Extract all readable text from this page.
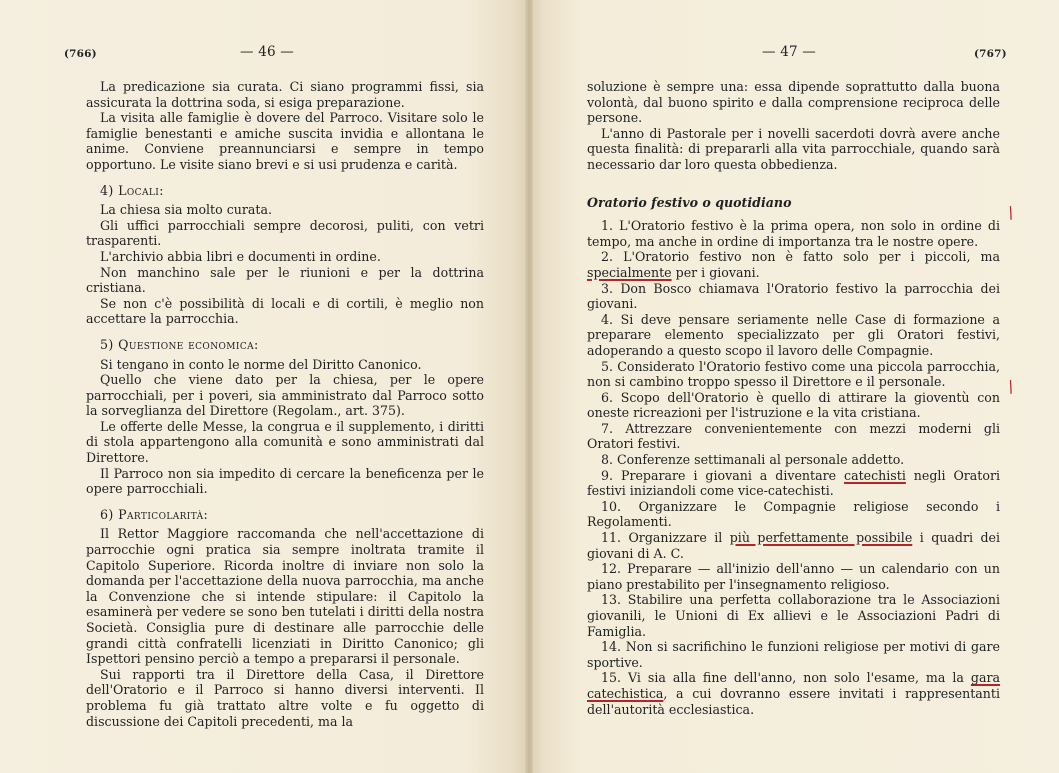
(766)	— 46 —

La predicazione sia curata. Ci siano programmi fissi, sia assicurata la dottrina soda, si esiga preparazione.

La visita alle famiglie è dovere del Parroco. Visitare solo le famiglie benestanti e amiche suscita invidia e allontana le anime. Conviene preannunciarsi e sempre in tempo opportuno. Le visite siano brevi e si usi prudenza e carità.

4) Locali:

La chiesa sia molto curata.

Gli uffici parrocchiali sempre decorosi, puliti, con vetri trasparenti.

L'archivio abbia libri e documenti in ordine.

Non manchino sale per le riunioni e per la dottrina cristiana.

Se non c'è possibilità di locali e di cortili, è meglio non accettare la parrocchia.

5) Questione economica:

Si tengano in conto le norme del Diritto Canonico.

Quello che viene dato per la chiesa, per le opere parrocchiali, per i poveri, sia amministrato dal Parroco sotto la sorveglianza del Direttore (Regolam., art. 375).

Le offerte delle Messe, la congrua e il supplemento, i diritti di stola appartengono alla comunità e sono amministrati dal Direttore.

Il Parroco non sia impedito di cercare la beneficenza per le opere parrocchiali.

6) Particolarità:

Il Rettor Maggiore raccomanda che nell'accettazione di parrocchie ogni pratica sia sempre inoltrata tramite il Capitolo Superiore. Ricorda inoltre di inviare non solo la domanda per l'accettazione della nuova parrocchia, ma anche la Convenzione che si intende stipulare: il Capitolo la esaminerà per vedere se sono ben tutelati i diritti della nostra Società. Consiglia pure di destinare alle parrocchie delle grandi città confratelli licenziati in Diritto Canonico; gli Ispettori pensino perciò a tempo a prepararsi il personale.

Sui rapporti tra il Direttore della Casa, il Direttore dell'Oratorio e il Parroco si hanno diversi interventi. Il problema fu già trattato altre volte e fu oggetto di discussione dei Capitoli precedenti, ma la

— 47 —	(767)

soluzione è sempre una: essa dipende soprattutto dalla buona volontà, dal buono spirito e dalla comprensione reciproca delle persone.

L'anno di Pastorale per i novelli sacerdoti dovrà avere anche questa finalità: di prepararli alla vita parrocchiale, quando sarà necessario dar loro questa obbedienza.

Oratorio festivo o quotidiano

1. L'Oratorio festivo è la prima opera, non solo in ordine di tempo, ma anche in ordine di importanza tra le nostre opere.

2. L'Oratorio festivo non è fatto solo per i piccoli, ma specialmente per i giovani.

3. Don Bosco chiamava l'Oratorio festivo la parrocchia dei giovani.

4. Si deve pensare seriamente nelle Case di formazione a preparare elemento specializzato per gli Oratori festivi, adoperando a questo scopo il lavoro delle Compagnie.

5. Considerato l'Oratorio festivo come una piccola parrocchia, non si cambino troppo spesso il Direttore e il personale.

6. Scopo dell'Oratorio è quello di attirare la gioventù con oneste ricreazioni per l'istruzione e la vita cristiana.

7. Attrezzare convenientemente con mezzi moderni gli Oratori festivi.

8. Conferenze settimanali al personale addetto.

9. Preparare i giovani a diventare catechisti negli Oratori festivi iniziandoli come vice-catechisti.

10. Organizzare le Compagnie religiose secondo i Regolamenti.

11. Organizzare il più perfettamente possibile i quadri dei giovani di A. C.

12. Preparare — all'inizio dell'anno — un calendario con un piano prestabilito per l'insegnamento religioso.

13. Stabilire una perfetta collaborazione tra le Associazioni giovanili, le Unioni di Ex allievi e le Associazioni Padri di Famiglia.

14. Non si sacrifichino le funzioni religiose per motivi di gare sportive.

15. Vi sia alla fine dell'anno, non solo l'esame, ma la gara catechistica, a cui dovranno essere invitati i rappresentanti dell'autorità ecclesiastica.

/
/
